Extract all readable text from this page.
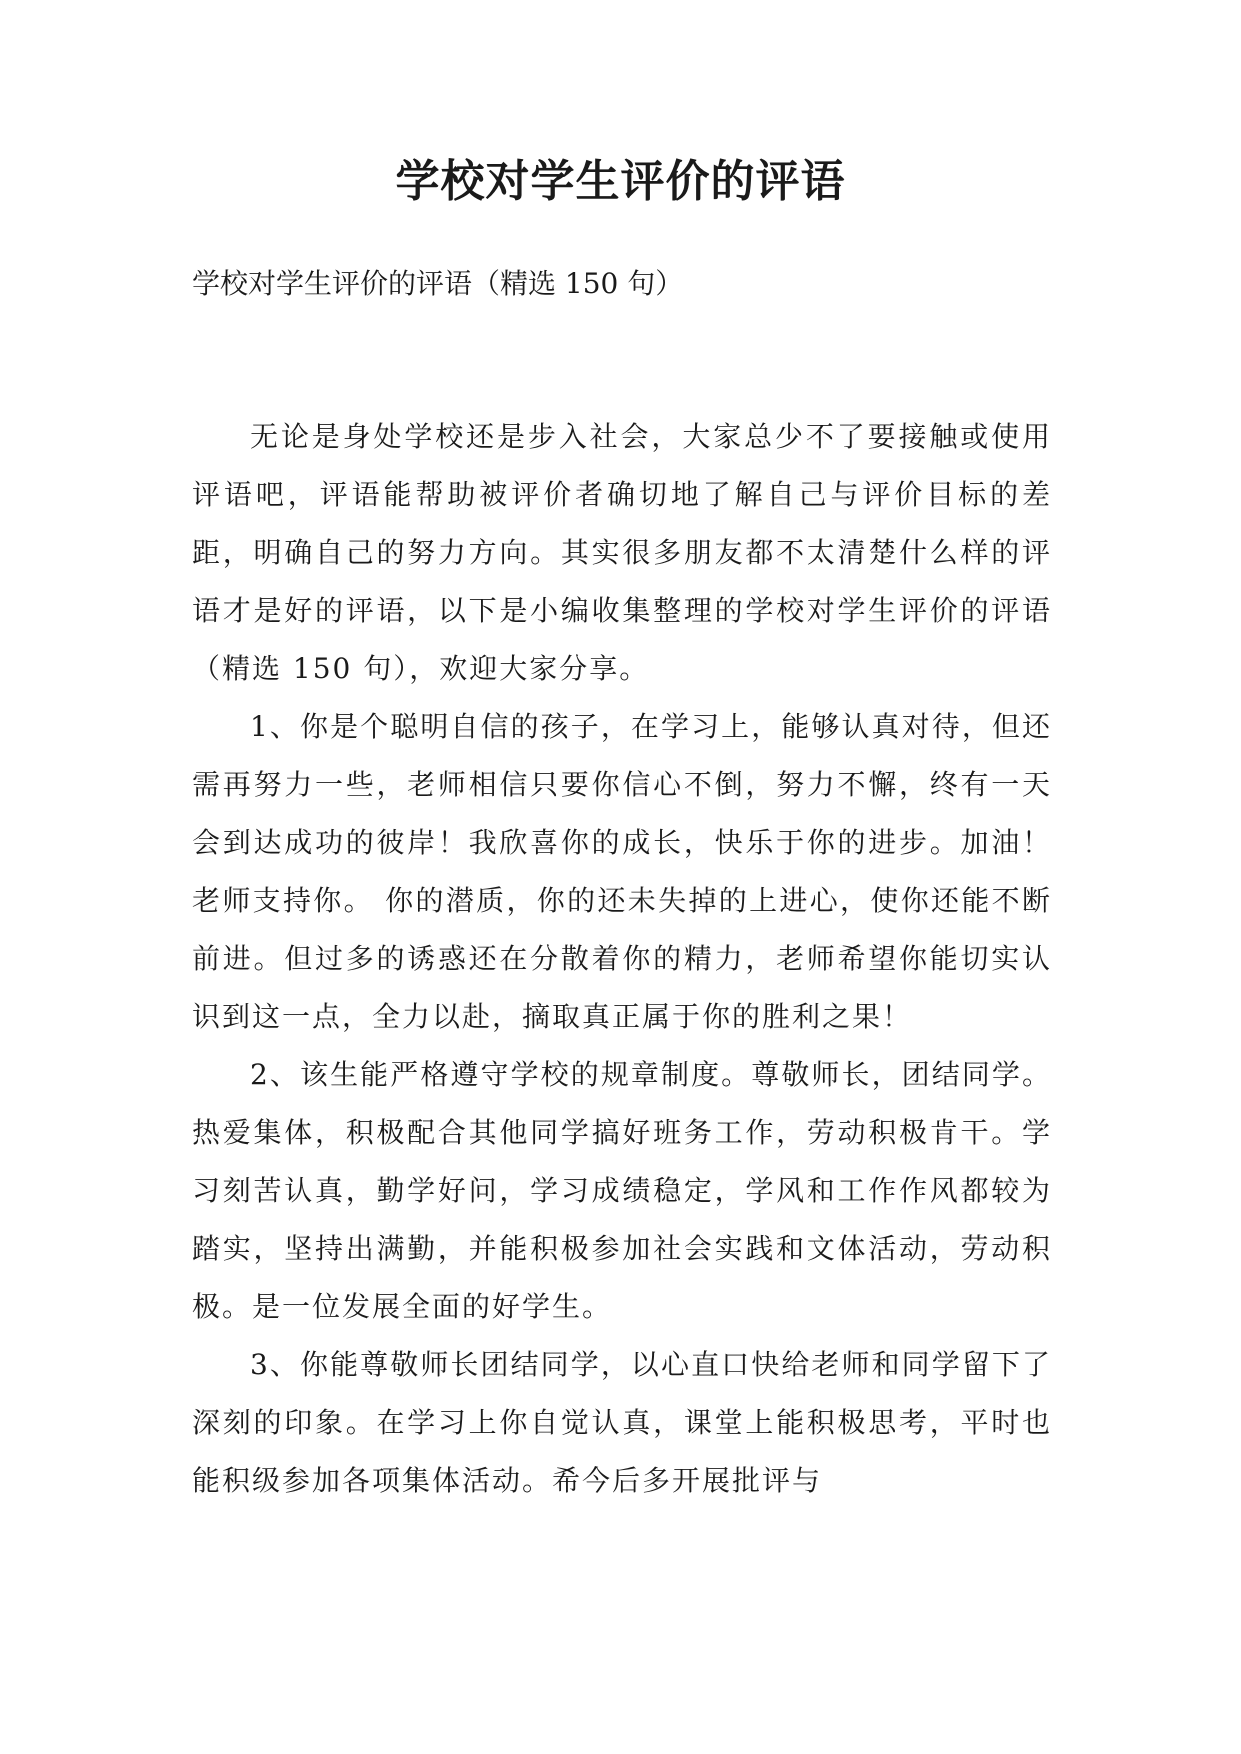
学校对学生评价的评语

学校对学生评价的评语（精选 150 句）

无论是身处学校还是步入社会，大家总少不了要接触或使用评语吧，评语能帮助被评价者确切地了解自己与评价目标的差距，明确自己的努力方向。其实很多朋友都不太清楚什么样的评语才是好的评语，以下是小编收集整理的学校对学生评价的评语（精选 150 句），欢迎大家分享。

1、你是个聪明自信的孩子，在学习上，能够认真对待，但还需再努力一些，老师相信只要你信心不倒，努力不懈，终有一天会到达成功的彼岸！我欣喜你的成长，快乐于你的进步。加油！老师支持你。 你的潜质，你的还未失掉的上进心，使你还能不断前进。但过多的诱惑还在分散着你的精力，老师希望你能切实认识到这一点，全力以赴，摘取真正属于你的胜利之果！

2、该生能严格遵守学校的规章制度。尊敬师长，团结同学。热爱集体，积极配合其他同学搞好班务工作，劳动积极肯干。学习刻苦认真，勤学好问，学习成绩稳定，学风和工作作风都较为踏实，坚持出满勤，并能积极参加社会实践和文体活动，劳动积极。是一位发展全面的好学生。

3、你能尊敬师长团结同学，以心直口快给老师和同学留下了深刻的印象。在学习上你自觉认真，课堂上能积极思考，平时也能积级参加各项集体活动。希今后多开展批评与
